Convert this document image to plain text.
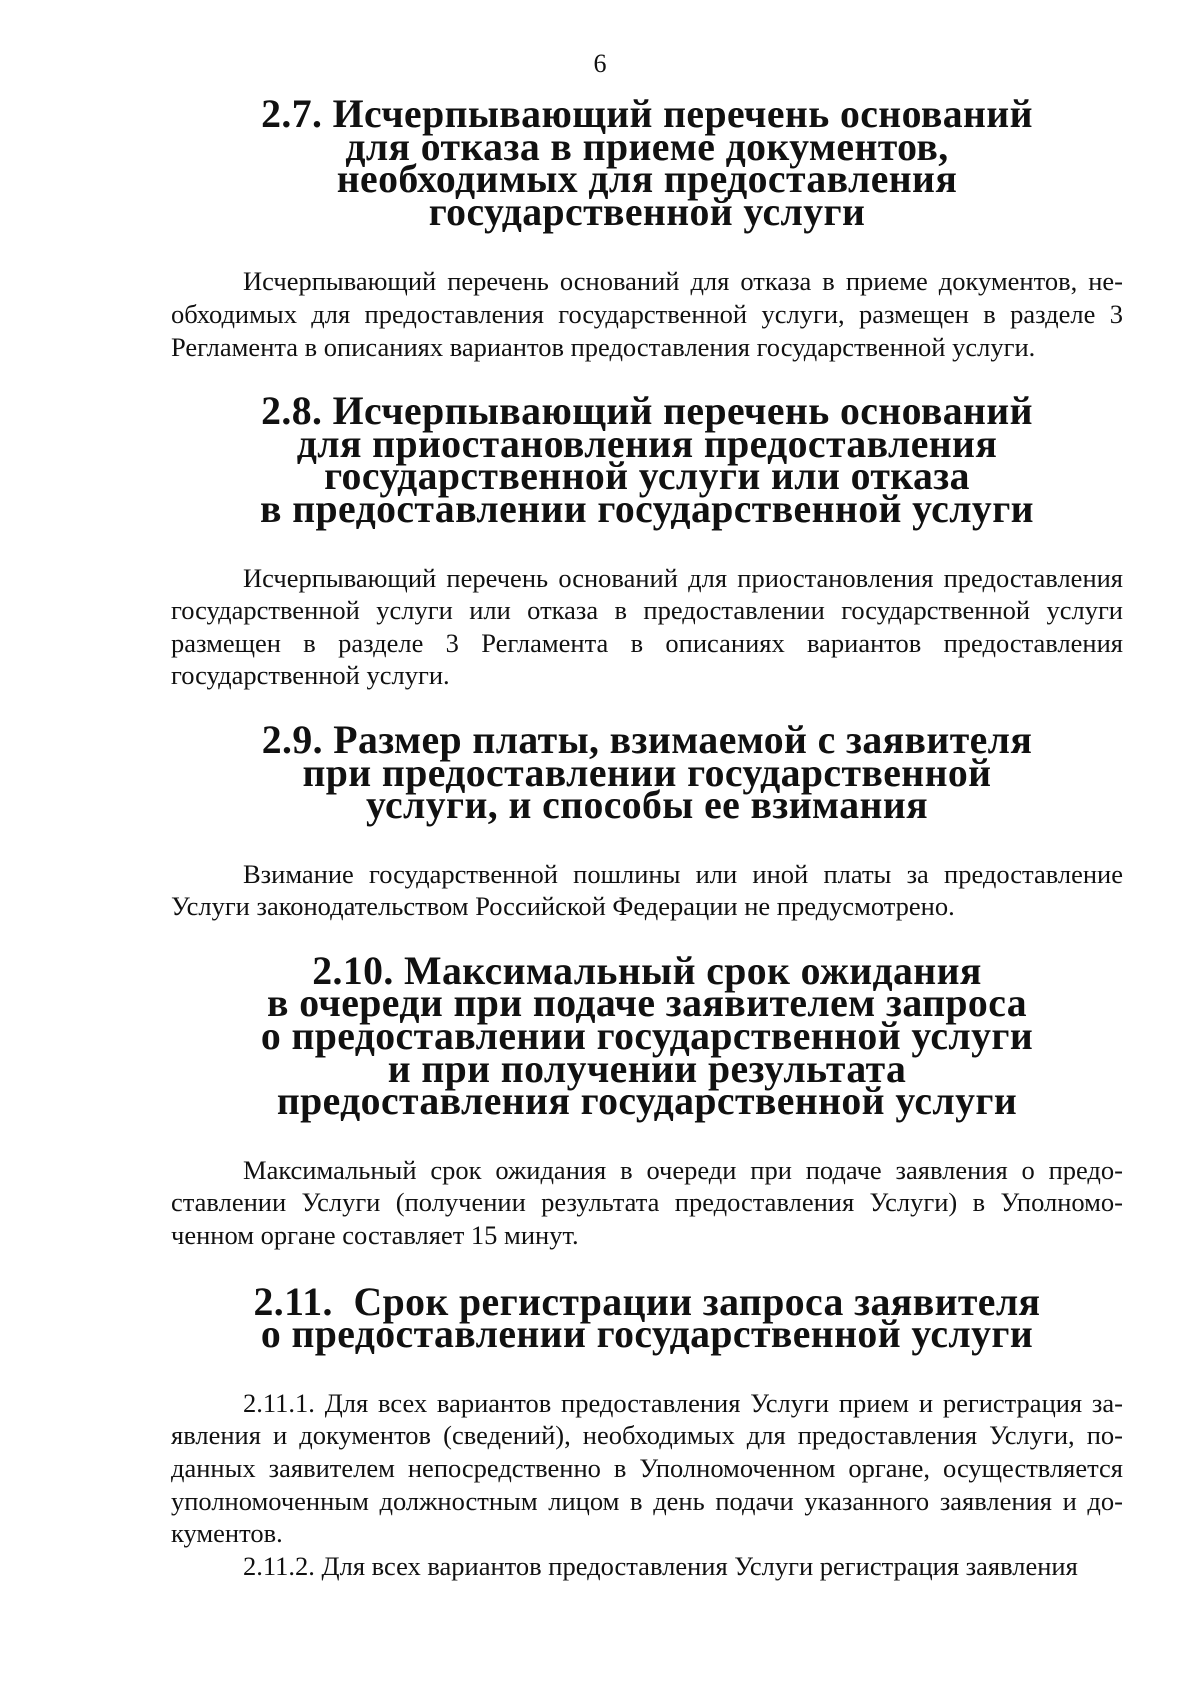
6
2.7. Исчерпывающий перечень оснований
для отказа в приеме документов,
необходимых для предоставления
государственной услуги

Исчерпывающий перечень оснований для отказа в приеме документов, необходимых для предоставления государственной услуги, размещен в разделе 3 Регламента в описаниях вариантов предоставления государственной услуги.

2.8. Исчерпывающий перечень оснований
для приостановления предоставления
государственной услуги или отказа
в предоставлении государственной услуги

Исчерпывающий перечень оснований для приостановления предоставления государственной услуги или отказа в предоставлении государственной услуги размещен в разделе 3 Регламента в описаниях вариантов предоставления государственной услуги.

2.9. Размер платы, взимаемой с заявителя
при предоставлении государственной
услуги, и способы ее взимания

Взимание государственной пошлины или иной платы за предоставление Услуги законодательством Российской Федерации не предусмотрено.

2.10. Максимальный срок ожидания
в очереди при подаче заявителем запроса
о предоставлении государственной услуги
и при получении результата
предоставления государственной услуги

Максимальный срок ожидания в очереди при подаче заявления о предоставлении Услуги (получении результата предоставления Услуги) в Уполномоченном органе составляет 15 минут.

2.11.  Срок регистрации запроса заявителя
о предоставлении государственной услуги

2.11.1. Для всех вариантов предоставления Услуги прием и регистрация заявления и документов (сведений), необходимых для предоставления Услуги, поданных заявителем непосредственно в Уполномоченном органе, осуществляется уполномоченным должностным лицом в день подачи указанного заявления и документов.

2.11.2. Для всех вариантов предоставления Услуги регистрация заявления
